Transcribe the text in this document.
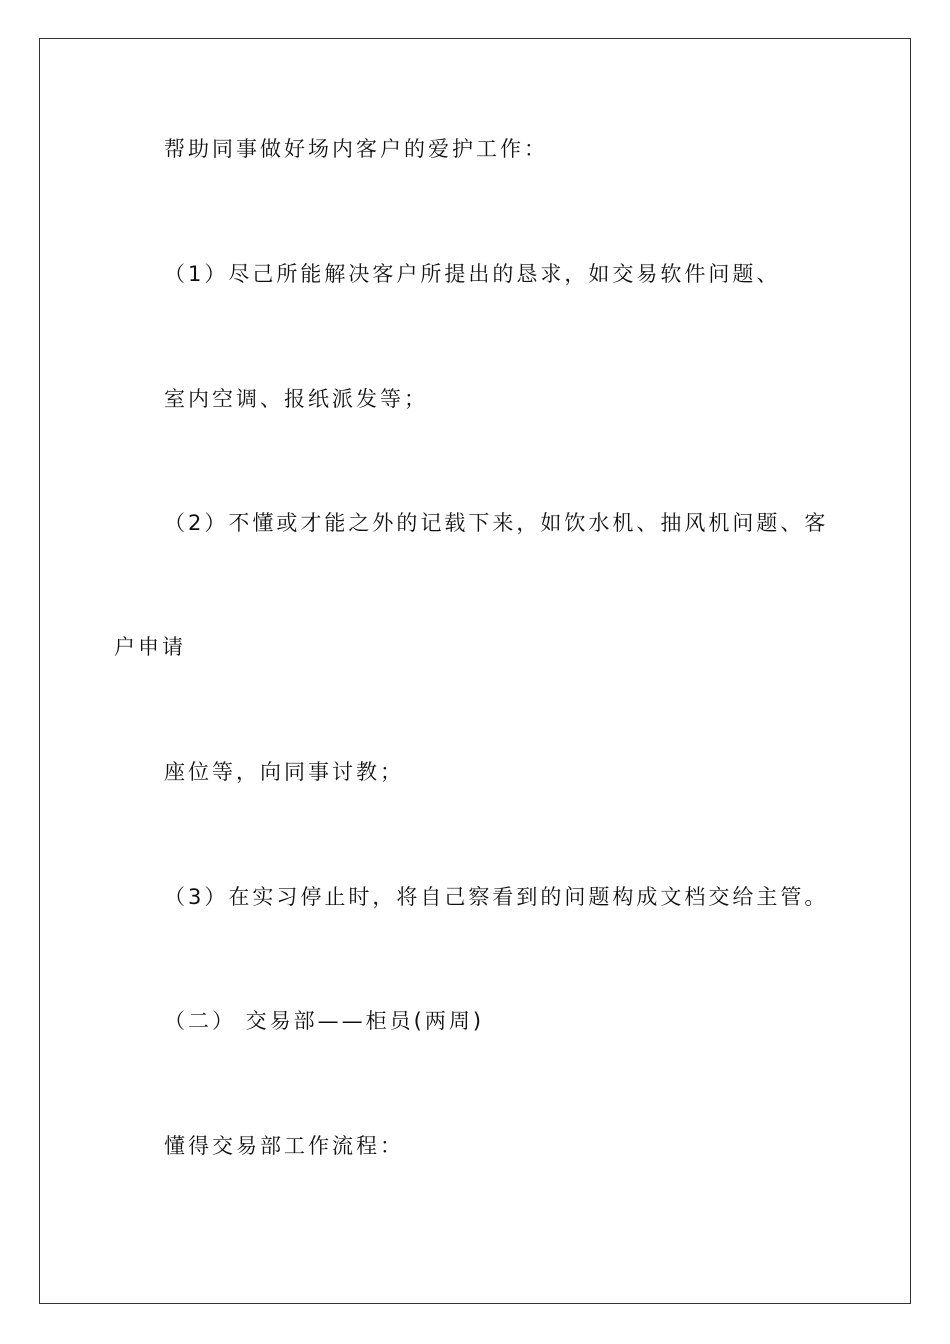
帮助同事做好场内客户的爱护工作：
（1）尽己所能解决客户所提出的恳求，如交易软件问题、
室内空调、报纸派发等；
（2）不懂或才能之外的记载下来，如饮水机、抽风机问题、客
户申请
座位等，向同事讨教；
（3）在实习停止时，将自己察看到的问题构成文档交给主管。
（二） 交易部——柜员(两周)
懂得交易部工作流程：
